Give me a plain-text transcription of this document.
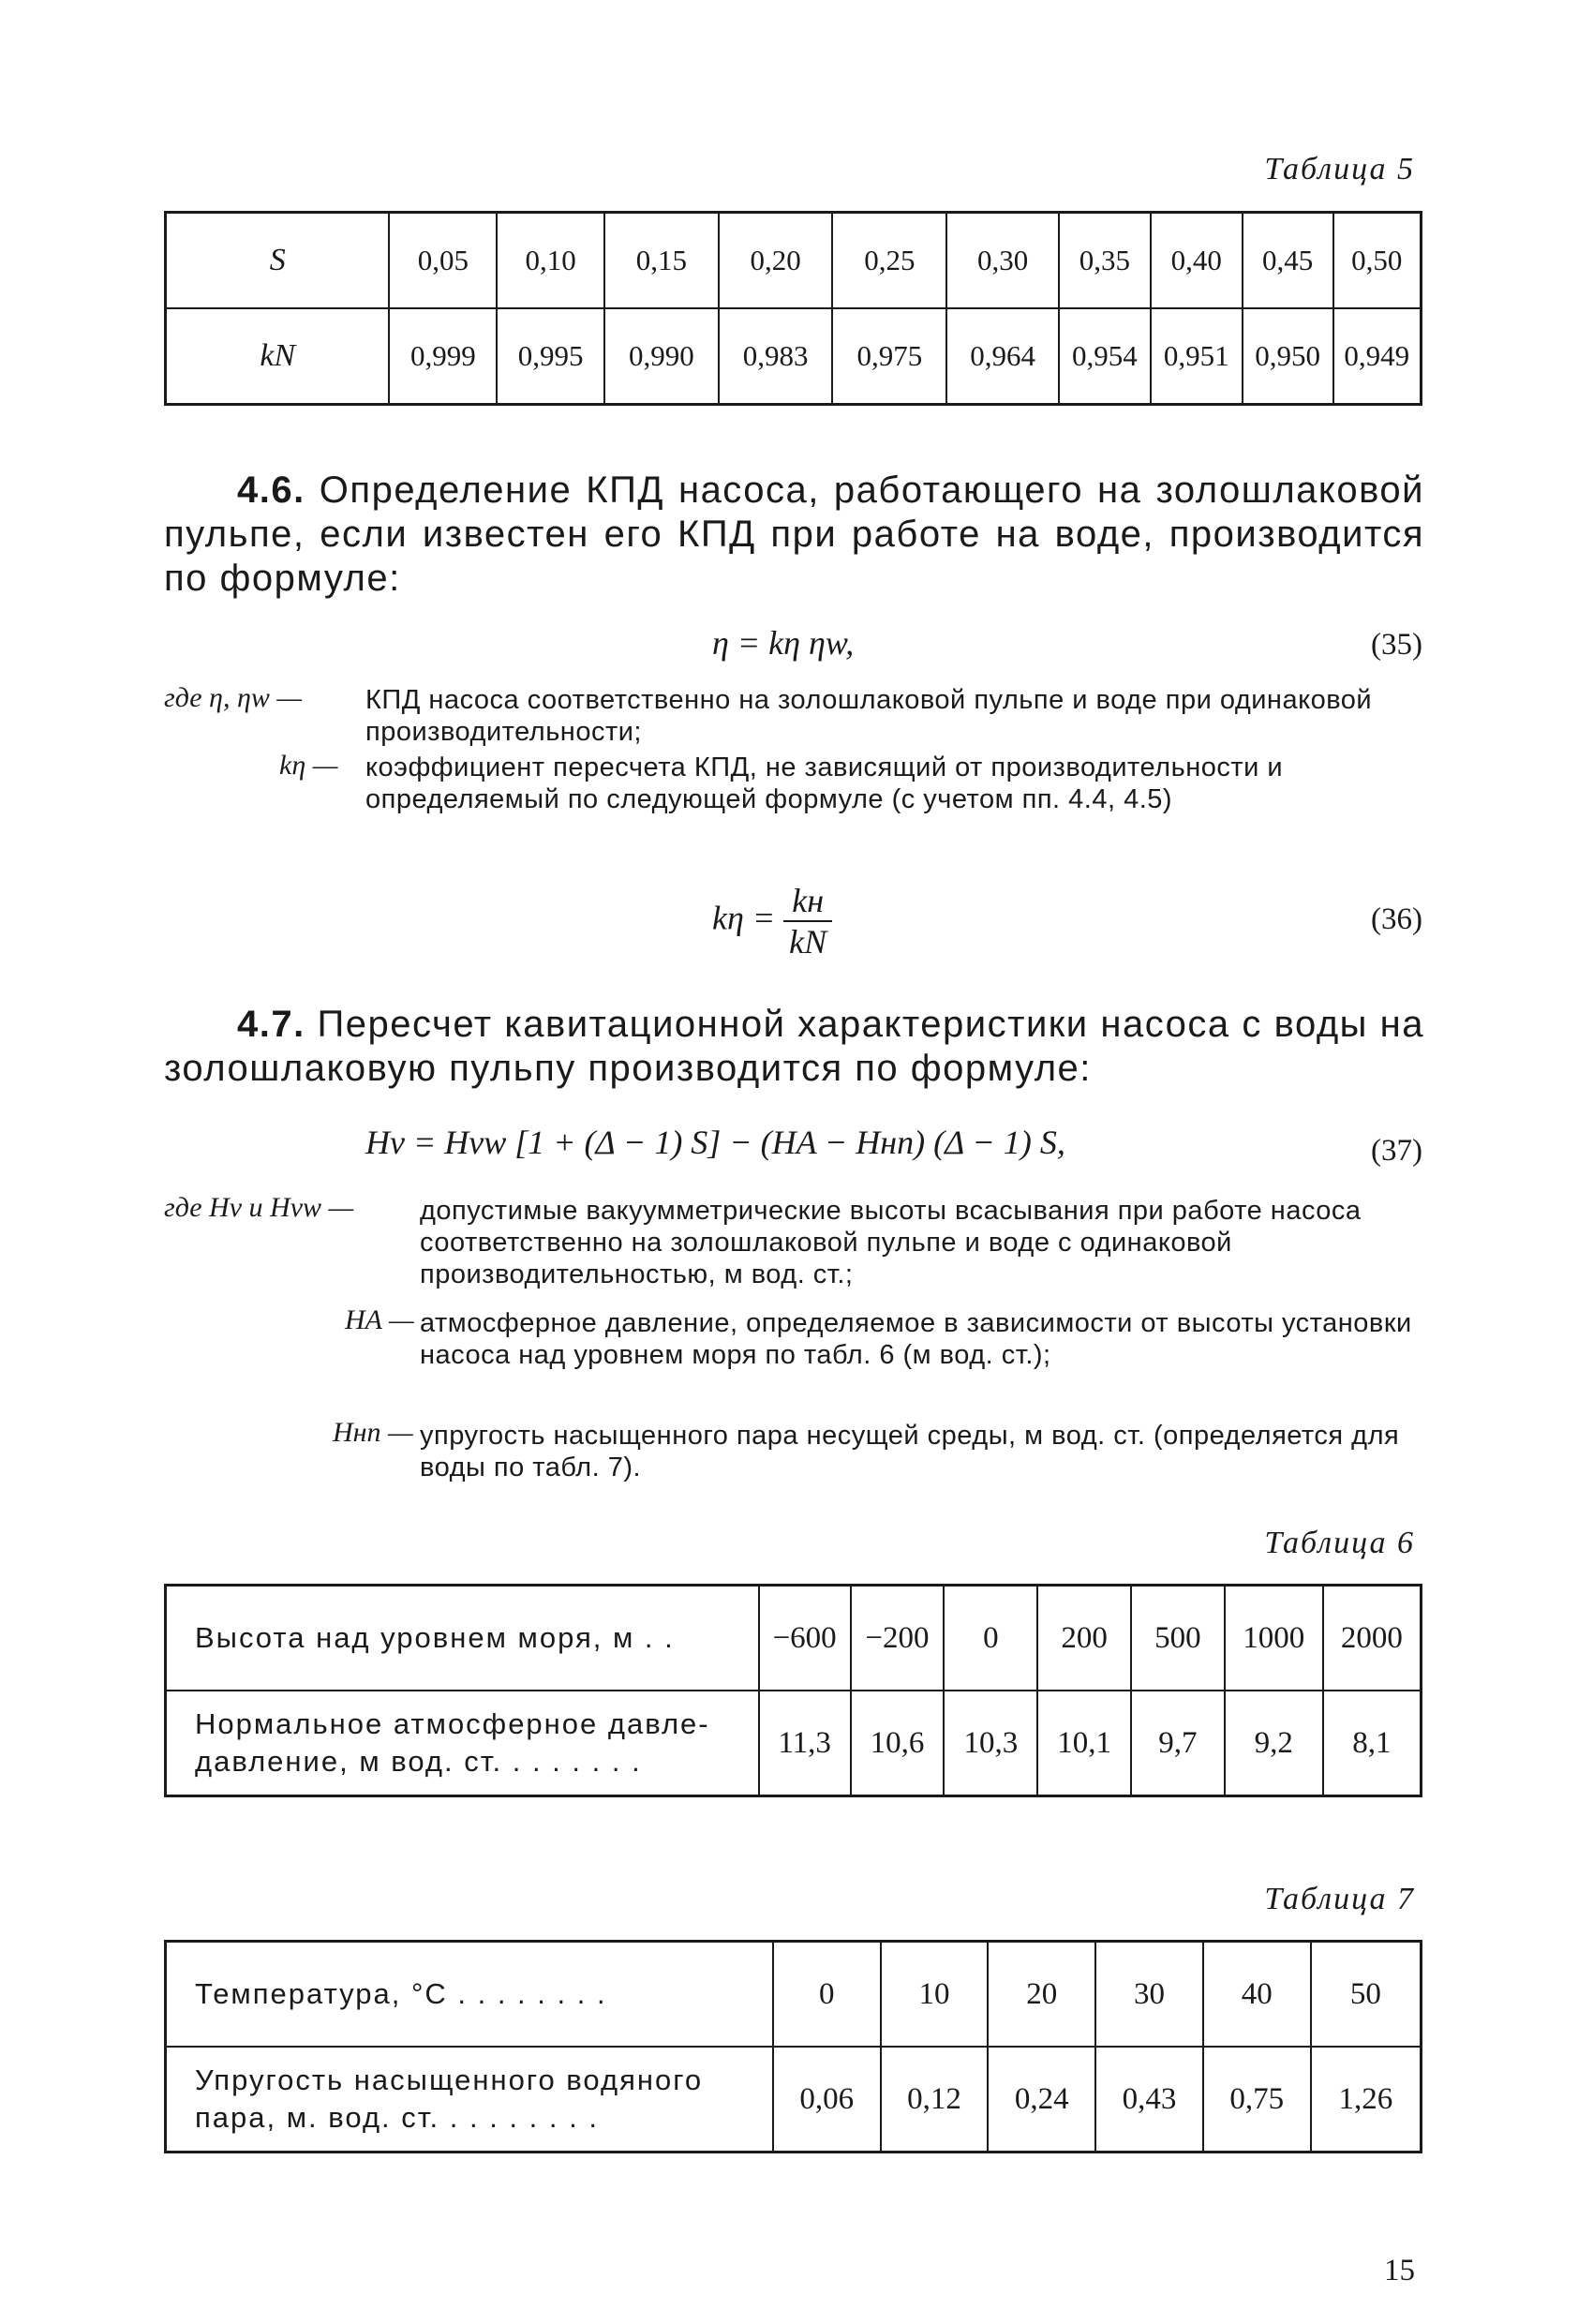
Таблица 5
S	0,05	0,10	0,15	0,20	0,25	0,30	0,35	0,40	0,45	0,50
kN	0,999	0,995	0,990	0,983	0,975	0,964	0,954	0,951	0,950	0,949
4.6. Определение КПД насоса, работающего на золошлаковой пульпе, если известен его КПД при работе на воде, производится по формуле:
η = kη ηw,	(35)
где η, ηw — КПД насоса соответственно на золошлаковой пульпе и воде при одинаковой производительности;
kη — коэффициент пересчета КПД, не зависящий от производительности и определяемый по следующей формуле (с учетом пп. 4.4, 4.5)
$k\eta = \frac{kн}{kN}$	(36)
4.7. Пересчет кавитационной характеристики насоса с воды на золошлаковую пульпу производится по формуле:
Hv = Hvw [1 + (Δ − 1) S] − (HA − Hнп) (Δ − 1) S,	(37)
где Hv и Hvw — допустимые вакуумметрические высоты всасывания при работе насоса соответственно на золошлаковой пульпе и воде с одинаковой производительностью, м вод. ст.;
HA — атмосферное давление, определяемое в зависимости от высоты установки насоса над уровнем моря по табл. 6 (м вод. ст.);
Hнп — упругость насыщенного пара несущей среды, м вод. ст. (определяется для воды по табл. 7).
Таблица 6
Высота над уровнем моря, м . .	−600	−200	0	200	500	1000	2000
Нормальное атмосферное давле-давление, м вод. ст. . . . . . . .	11,3	10,6	10,3	10,1	9,7	9,2	8,1
Таблица 7
Температура, °С . . . . . . . .	0	10	20	30	40	50
Упругость насыщенного водяного пара, м. вод. ст. . . . . . . . .	0,06	0,12	0,24	0,43	0,75	1,26
15
